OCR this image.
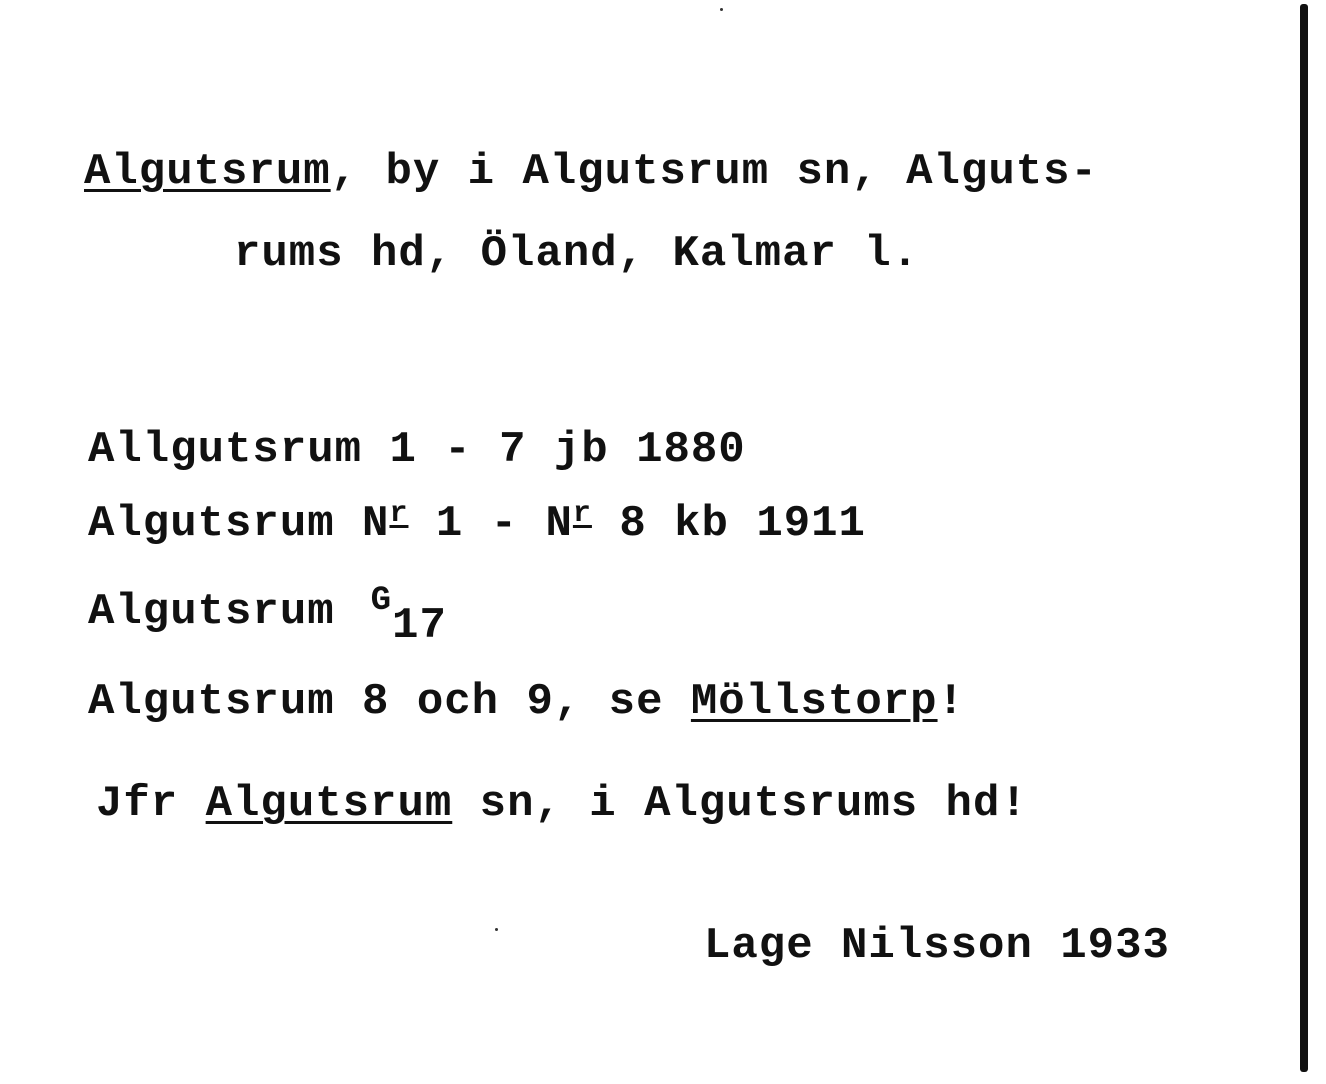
Algutsrum, by i Algutsrum sn, Alguts-
rums hd, Öland, Kalmar l.
Allgutsrum 1 - 7 jb 1880
Algutsrum $N^r$ $1 - N^r$ 8 kb 1911
Algutsrum $^G$17
Algutsrum 8 och 9, se Möllstorp!
Jfr Algutsrum sn, i Algutsrums hd!
Lage Nilsson 1933
